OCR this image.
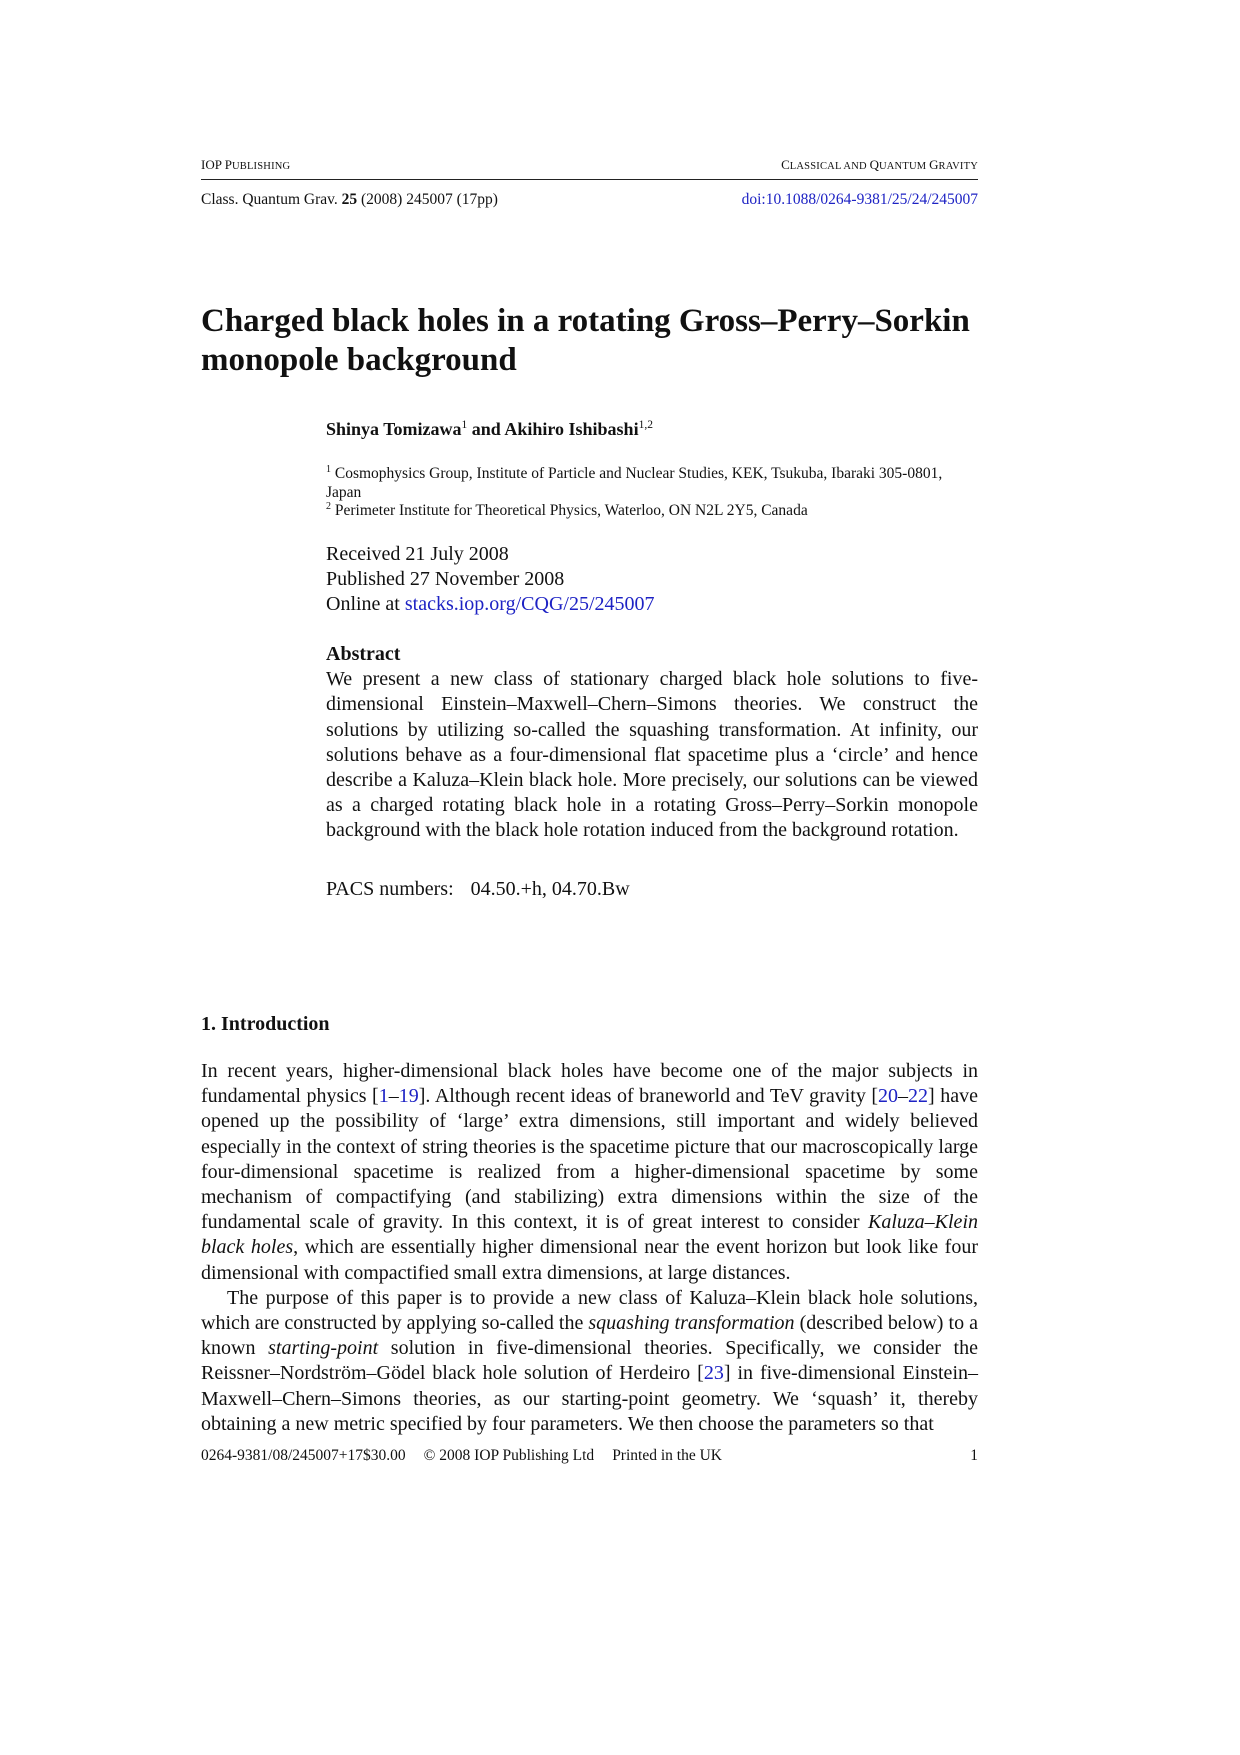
IOP PUBLISHING	CLASSICAL AND QUANTUM GRAVITY
Class. Quantum Grav. 25 (2008) 245007 (17pp)	doi:10.1088/0264-9381/25/24/245007
Charged black holes in a rotating Gross–Perry–Sorkin monopole background
Shinya Tomizawa$^1$ and Akihiro Ishibashi$^{1,2}$
$^1$ Cosmophysics Group, Institute of Particle and Nuclear Studies, KEK, Tsukuba, Ibaraki 305-0801, Japan
$^2$ Perimeter Institute for Theoretical Physics, Waterloo, ON N2L 2Y5, Canada
Received 21 July 2008
Published 27 November 2008
Online at stacks.iop.org/CQG/25/245007
Abstract

We present a new class of stationary charged black hole solutions to five-dimensional Einstein–Maxwell–Chern–Simons theories. We construct the solutions by utilizing so-called the squashing transformation. At infinity, our solutions behave as a four-dimensional flat spacetime plus a ‘circle’ and hence describe a Kaluza–Klein black hole. More precisely, our solutions can be viewed as a charged rotating black hole in a rotating Gross–Perry–Sorkin monopole background with the black hole rotation induced from the background rotation.

PACS numbers: 04.50.+h, 04.70.Bw
1. Introduction

In recent years, higher-dimensional black holes have become one of the major subjects in fundamental physics [1–19]. Although recent ideas of braneworld and TeV gravity [20–22] have opened up the possibility of ‘large’ extra dimensions, still important and widely believed especially in the context of string theories is the spacetime picture that our macroscopically large four-dimensional spacetime is realized from a higher-dimensional spacetime by some mechanism of compactifying (and stabilizing) extra dimensions within the size of the fundamental scale of gravity. In this context, it is of great interest to consider Kaluza–Klein black holes, which are essentially higher dimensional near the event horizon but look like four dimensional with compactified small extra dimensions, at large distances.

The purpose of this paper is to provide a new class of Kaluza–Klein black hole solutions, which are constructed by applying so-called the squashing transformation (described below) to a known starting-point solution in five-dimensional theories. Specifically, we consider the Reissner–Nordström–Gödel black hole solution of Herdeiro [23] in five-dimensional Einstein–Maxwell–Chern–Simons theories, as our starting-point geometry. We ‘squash’ it, thereby obtaining a new metric specified by four parameters. We then choose the parameters so that

0264-9381/08/245007+17$30.00 © 2008 IOP Publishing Ltd Printed in the UK	1
